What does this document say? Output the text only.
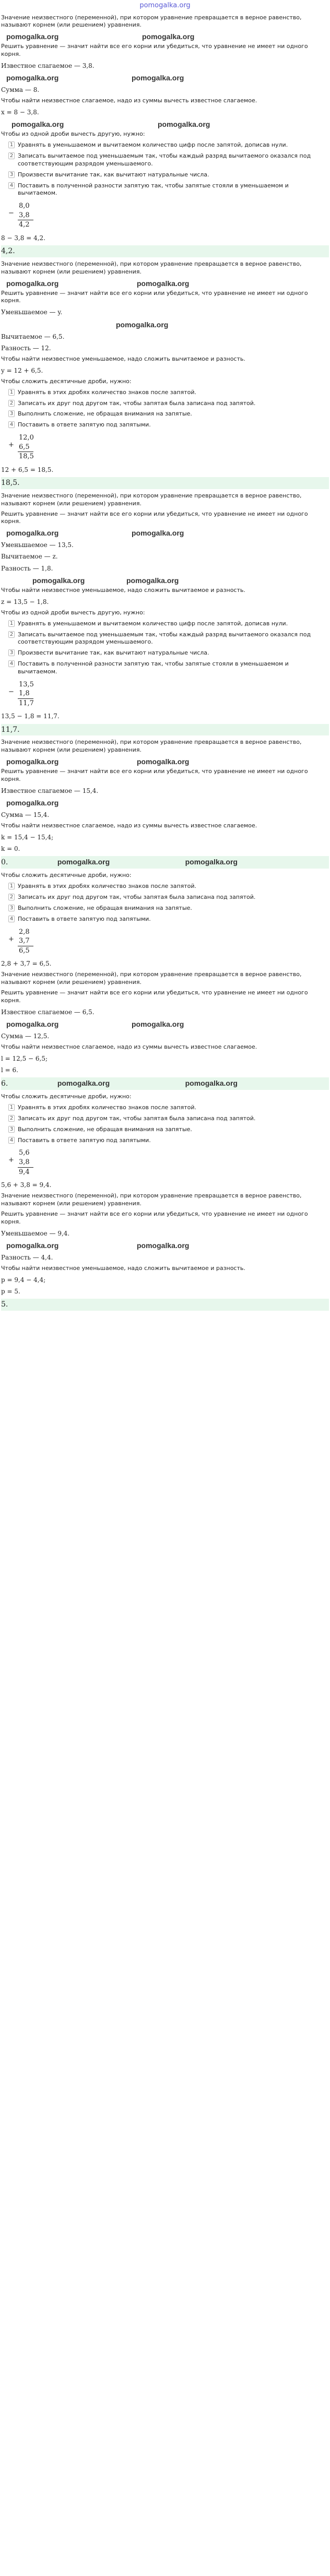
pomogalka.org

Значение неизвестного (переменной), при котором уравнение превращается в верное равенство, называют корнем (или решением) уравнения.

pomogalka.org	pomogalka.org

Решить уравнение — значит найти все его корни или убедиться, что уравнение не имеет ни одного корня.

Известное слагаемое — 3,8.

pomogalka.org	pomogalka.org

Сумма — 8.

Чтобы найти неизвестное слагаемое, надо из суммы вычесть известное слагаемое.

x = 8 − 3,8.

pomogalka.org	pomogalka.org

Чтобы из одной дроби вычесть другую, нужно:

1 Уравнять в уменьшаемом и вычитаемом количество цифр после запятой, дописав нули.
2 Записать вычитаемое под уменьшаемым так, чтобы каждый разряд вычитаемого оказался под соответствующим разрядом уменьшаемого.
3 Произвести вычитание так, как вычитают натуральные числа.
4 Поставить в полученной разности запятую так, чтобы запятые стояли в уменьшаемом и вычитаемом.
−
8,0
3,8
4,2

8 − 3,8 = 4,2.

4,2.

Значение неизвестного (переменной), при котором уравнение превращается в верное равенство, называют корнем (или решением) уравнения.

pomogalka.org	pomogalka.org

Решить уравнение — значит найти все его корни или убедиться, что уравнение не имеет ни одного корня.

Уменьшаемое — y.

pomogalka.org

Вычитаемое — 6,5.

Разность — 12.

Чтобы найти неизвестное уменьшаемое, надо сложить вычитаемое и разность.

y = 12 + 6,5.

Чтобы сложить десятичные дроби, нужно:

1 Уравнять в этих дробях количество знаков после запятой.
2 Записать их друг под другом так, чтобы запятая была записана под запятой.
3 Выполнить сложение, не обращая внимания на запятые.
4 Поставить в ответе запятую под запятыми.
+
12,0
6,5
18,5

12 + 6,5 = 18,5.

18,5.

Значение неизвестного (переменной), при котором уравнение превращается в верное равенство, называют корнем (или решением) уравнения.

Решить уравнение — значит найти все его корни или убедиться, что уравнение не имеет ни одного корня.

pomogalka.org	pomogalka.org

Уменьшаемое — 13,5.

Вычитаемое — z.

Разность — 1,8.

pomogalka.org	pomogalka.org

Чтобы найти неизвестное уменьшаемое, надо сложить вычитаемое и разность.

z = 13,5 − 1,8.

Чтобы из одной дроби вычесть другую, нужно:

1 Уравнять в уменьшаемом и вычитаемом количество цифр после запятой, дописав нули.
2 Записать вычитаемое под уменьшаемым так, чтобы каждый разряд вычитаемого оказался под соответствующим разрядом уменьшаемого.
3 Произвести вычитание так, как вычитают натуральные числа.
4 Поставить в полученной разности запятую так, чтобы запятые стояли в уменьшаемом и вычитаемом.
−
13,5
1,8
11,7

13,5 − 1,8 = 11,7.

11,7.

Значение неизвестного (переменной), при котором уравнение превращается в верное равенство, называют корнем (или решением) уравнения.

pomogalka.org	pomogalka.org

Решить уравнение — значит найти все его корни или убедиться, что уравнение не имеет ни одного корня.

Известное слагаемое — 15,4.

pomogalka.org

Сумма — 15,4.

Чтобы найти неизвестное слагаемое, надо из суммы вычесть известное слагаемое.

k = 15,4 − 15,4;

k = 0.

0.	pomogalka.org	pomogalka.org

Чтобы сложить десятичные дроби, нужно:

1 Уравнять в этих дробях количество знаков после запятой.
2 Записать их друг под другом так, чтобы запятая была записана под запятой.
3 Выполнить сложение, не обращая внимания на запятые.
4 Поставить в ответе запятую под запятыми.
+
2,8
3,7
6,5

2,8 + 3,7 = 6,5.

Значение неизвестного (переменной), при котором уравнение превращается в верное равенство, называют корнем (или решением) уравнения.

Решить уравнение — значит найти все его корни или убедиться, что уравнение не имеет ни одного корня.

Известное слагаемое — 6,5.

pomogalka.org	pomogalka.org

Сумма — 12,5.

Чтобы найти неизвестное слагаемое, надо из суммы вычесть известное слагаемое.

l = 12,5 − 6,5;

l = 6.

6.	pomogalka.org	pomogalka.org

Чтобы сложить десятичные дроби, нужно:

1 Уравнять в этих дробях количество знаков после запятой.
2 Записать их друг под другом так, чтобы запятая была записана под запятой.
3 Выполнить сложение, не обращая внимания на запятые.
4 Поставить в ответе запятую под запятыми.
+
5,6
3,8
9,4

5,6 + 3,8 = 9,4.

Значение неизвестного (переменной), при котором уравнение превращается в верное равенство, называют корнем (или решением) уравнения.

Решить уравнение — значит найти все его корни или убедиться, что уравнение не имеет ни одного корня.

Уменьшаемое — 9,4.

pomogalka.org	pomogalka.org

Разность — 4,4.

Чтобы найти неизвестное уменьшаемое, надо сложить вычитаемое и разность.

p = 9,4 − 4,4;

p = 5.

5.
